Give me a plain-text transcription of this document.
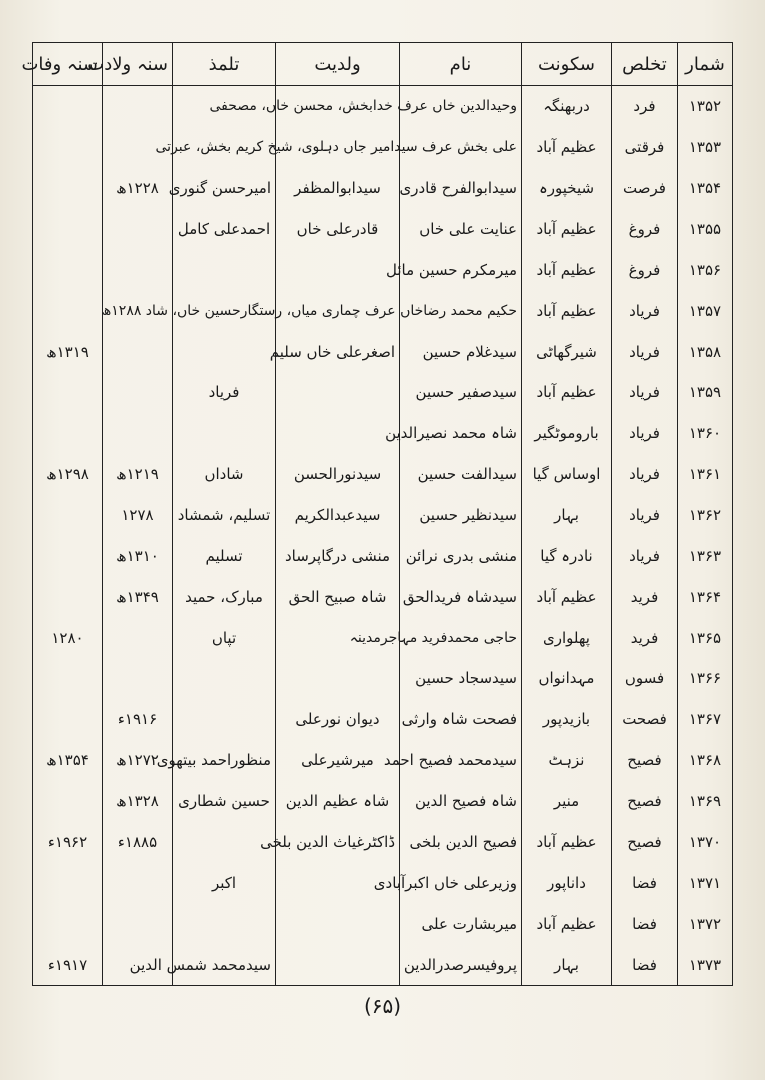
شمار	تخلص	سکونت	نام	ولدیت	تلمذ	سنہ ولادت	سنہ وفات
۱۳۵۲	فرد	دربھنگہ	وحیدالدین خاں عرف خدابخش، محسن خاں، مصحفی				

۱۳۵۳	فرقتی	عظیم آباد	علی بخش عرف سیدامیر جاں دہلوی، شیخ کریم بخش، عبرتی				

۱۳۵۴	فرصت	شیخپورہ	سیدابوالفرح قادری	سیدابوالمظفر	امیرحسن گنوری	۱۲۲۸ھ	
۱۳۵۵	فروغ	عظیم آباد	عنایت علی خاں	قادرعلی خاں	احمدعلی کامل		
۱۳۵۶	فروغ	عظیم آباد	میرمکرم حسین مائل				
۱۳۵۷	فریاد	عظیم آباد	حکیم محمد رضاخاں عرف چماری میاں، رستگارحسین خاں، شاد ۱۲۸۸ھ				

۱۳۵۸	فریاد	شیرگھاٹی	سیدغلام حسین	اصغرعلی خاں سلیم			۱۳۱۹ھ
۱۳۵۹	فریاد	عظیم آباد	سیدصفیر حسین		فریاد		
۱۳۶۰	فریاد	باروموٹگیر	شاہ محمد نصیرالدین				
۱۳۶۱	فریاد	اوساس گیا	سیدالفت حسین	سیدنورالحسن	شاداں	۱۲۱۹ھ	۱۲۹۸ھ
۱۳۶۲	فریاد	بہار	سیدنظیر حسین	سیدعبدالکریم	تسلیم، شمشاد	۱۲۷۸	
۱۳۶۳	فریاد	نادرہ گیا	منشی بدری نرائن	منشی درگاپرساد	تسلیم	۱۳۱۰ھ	
۱۳۶۴	فرید	عظیم آباد	سیدشاہ فریدالحق	شاہ صبیح الحق	مبارک، حمید	۱۳۴۹ھ	
۱۳۶۵	فرید	پھلواری	حاجی محمدفرید مہاجرمدینہ		تپاں		۱۲۸۰
۱۳۶۶	فسوں	مہدانواں	سیدسجاد حسین				
۱۳۶۷	فصحت	بازیدپور	فصحت شاہ وارثی	دیوان نورعلی		۱۹۱۶ء	
۱۳۶۸	فصیح	نزہٹ	سیدمحمد فصیح احمد	میرشیرعلی	منظوراحمد بیتھوی	۱۲۷۲ھ	۱۳۵۴ھ
۱۳۶۹	فصیح	منیر	شاہ فصیح الدین	شاہ عظیم الدین	حسین شطاری	۱۳۲۸ھ	
۱۳۷۰	فصیح	عظیم آباد	فصیح الدین بلخی	ڈاکٹرغیاث الدین بلخی		۱۸۸۵ء	۱۹۶۲ء
۱۳۷۱	فضا	داناپور	وزیرعلی خاں اکبرآبادی		اکبر		
۱۳۷۲	فضا	عظیم آباد	میربشارت علی				
۱۳۷۳	فضا	بہار	پروفیسرصدرالدین		سیدمحمد شمس الدین		۱۹۱۷ء
(۶۵)
